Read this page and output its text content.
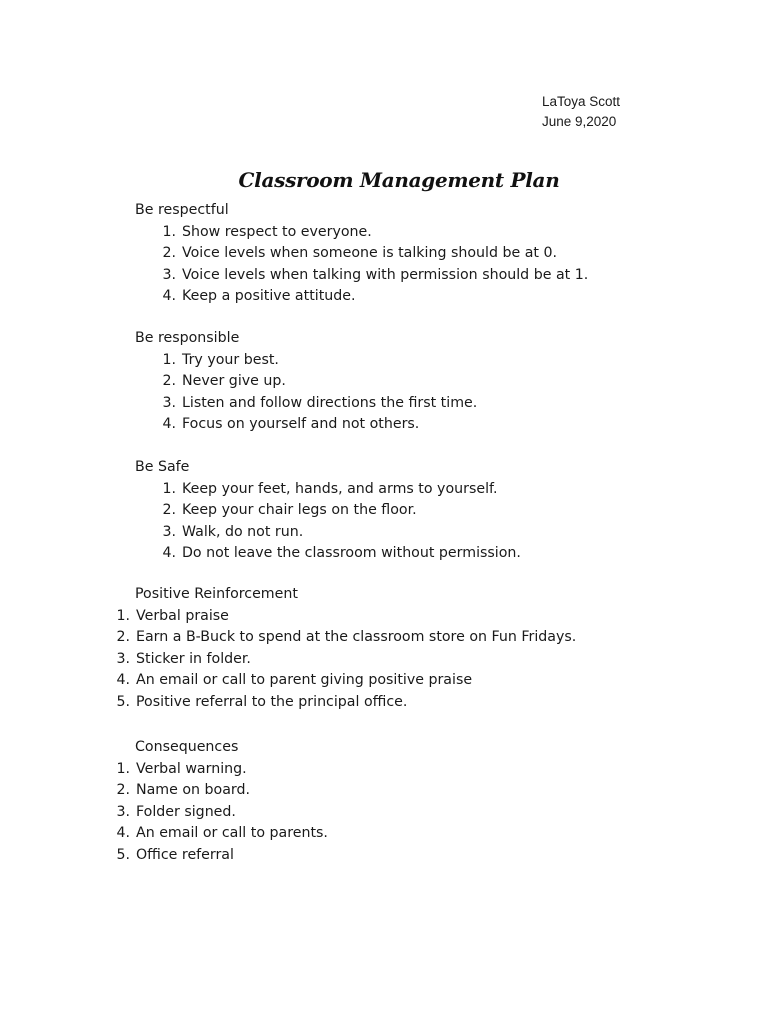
LaToya Scott
June 9,2020
Classroom Management Plan
Be respectful
1. Show respect to everyone.
2. Voice levels when someone is talking should be at 0.
3. Voice levels when talking with permission should be at 1.
4. Keep a positive attitude.
Be responsible
1. Try your best.
2. Never give up.
3. Listen and follow directions the first time.
4. Focus on yourself and not others.
Be Safe
1. Keep your feet, hands, and arms to yourself.
2. Keep your chair legs on the floor.
3. Walk, do not run.
4. Do not leave the classroom without permission.
Positive Reinforcement
1. Verbal praise
2. Earn a B-Buck to spend at the classroom store on Fun Fridays.
3. Sticker in folder.
4. An email or call to parent giving positive praise
5. Positive referral to the principal office.
Consequences
1. Verbal warning.
2. Name on board.
3. Folder signed.
4. An email or call to parents.
5. Office referral
